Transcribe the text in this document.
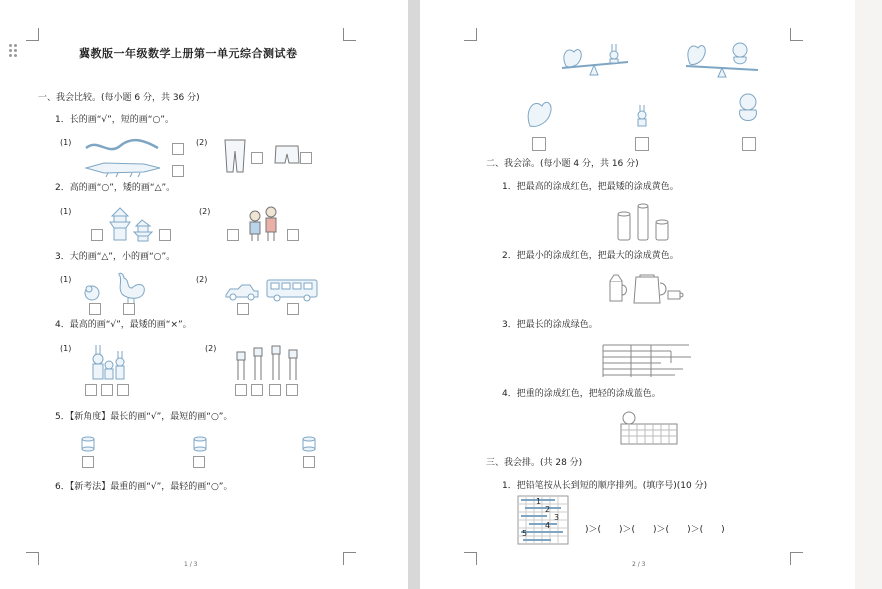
冀教版一年级数学上册第一单元综合测试卷
一、我会比较。(每小题 6 分，共 36 分)
1．长的画“√”，短的画“○”。
(1)	(2)
2．高的画“○”，矮的画“△”。
(1)	(2)
3．大的画“△”，小的画“○”。
(1)	(2)
4．最高的画“√”，最矮的画“×”。
(1)	(2)
5．【新角度】最长的画“√”，最短的画“○”。
6．【新考法】最重的画“√”，最轻的画“○”。
1 / 3
二、我会涂。(每小题 4 分，共 16 分)
1．把最高的涂成红色，把最矮的涂成黄色。
2．把最小的涂成红色，把最大的涂成黄色。
3．把最长的涂成绿色。
4．把重的涂成红色，把轻的涂成蓝色。
三、我会排。(共 28 分)
1．把铅笔按从长到短的顺序排列。(填序号)(10 分)
1
2
3
4
5	)＞(　　)＞(　　)＞(　　)＞(　　)
2 / 3
